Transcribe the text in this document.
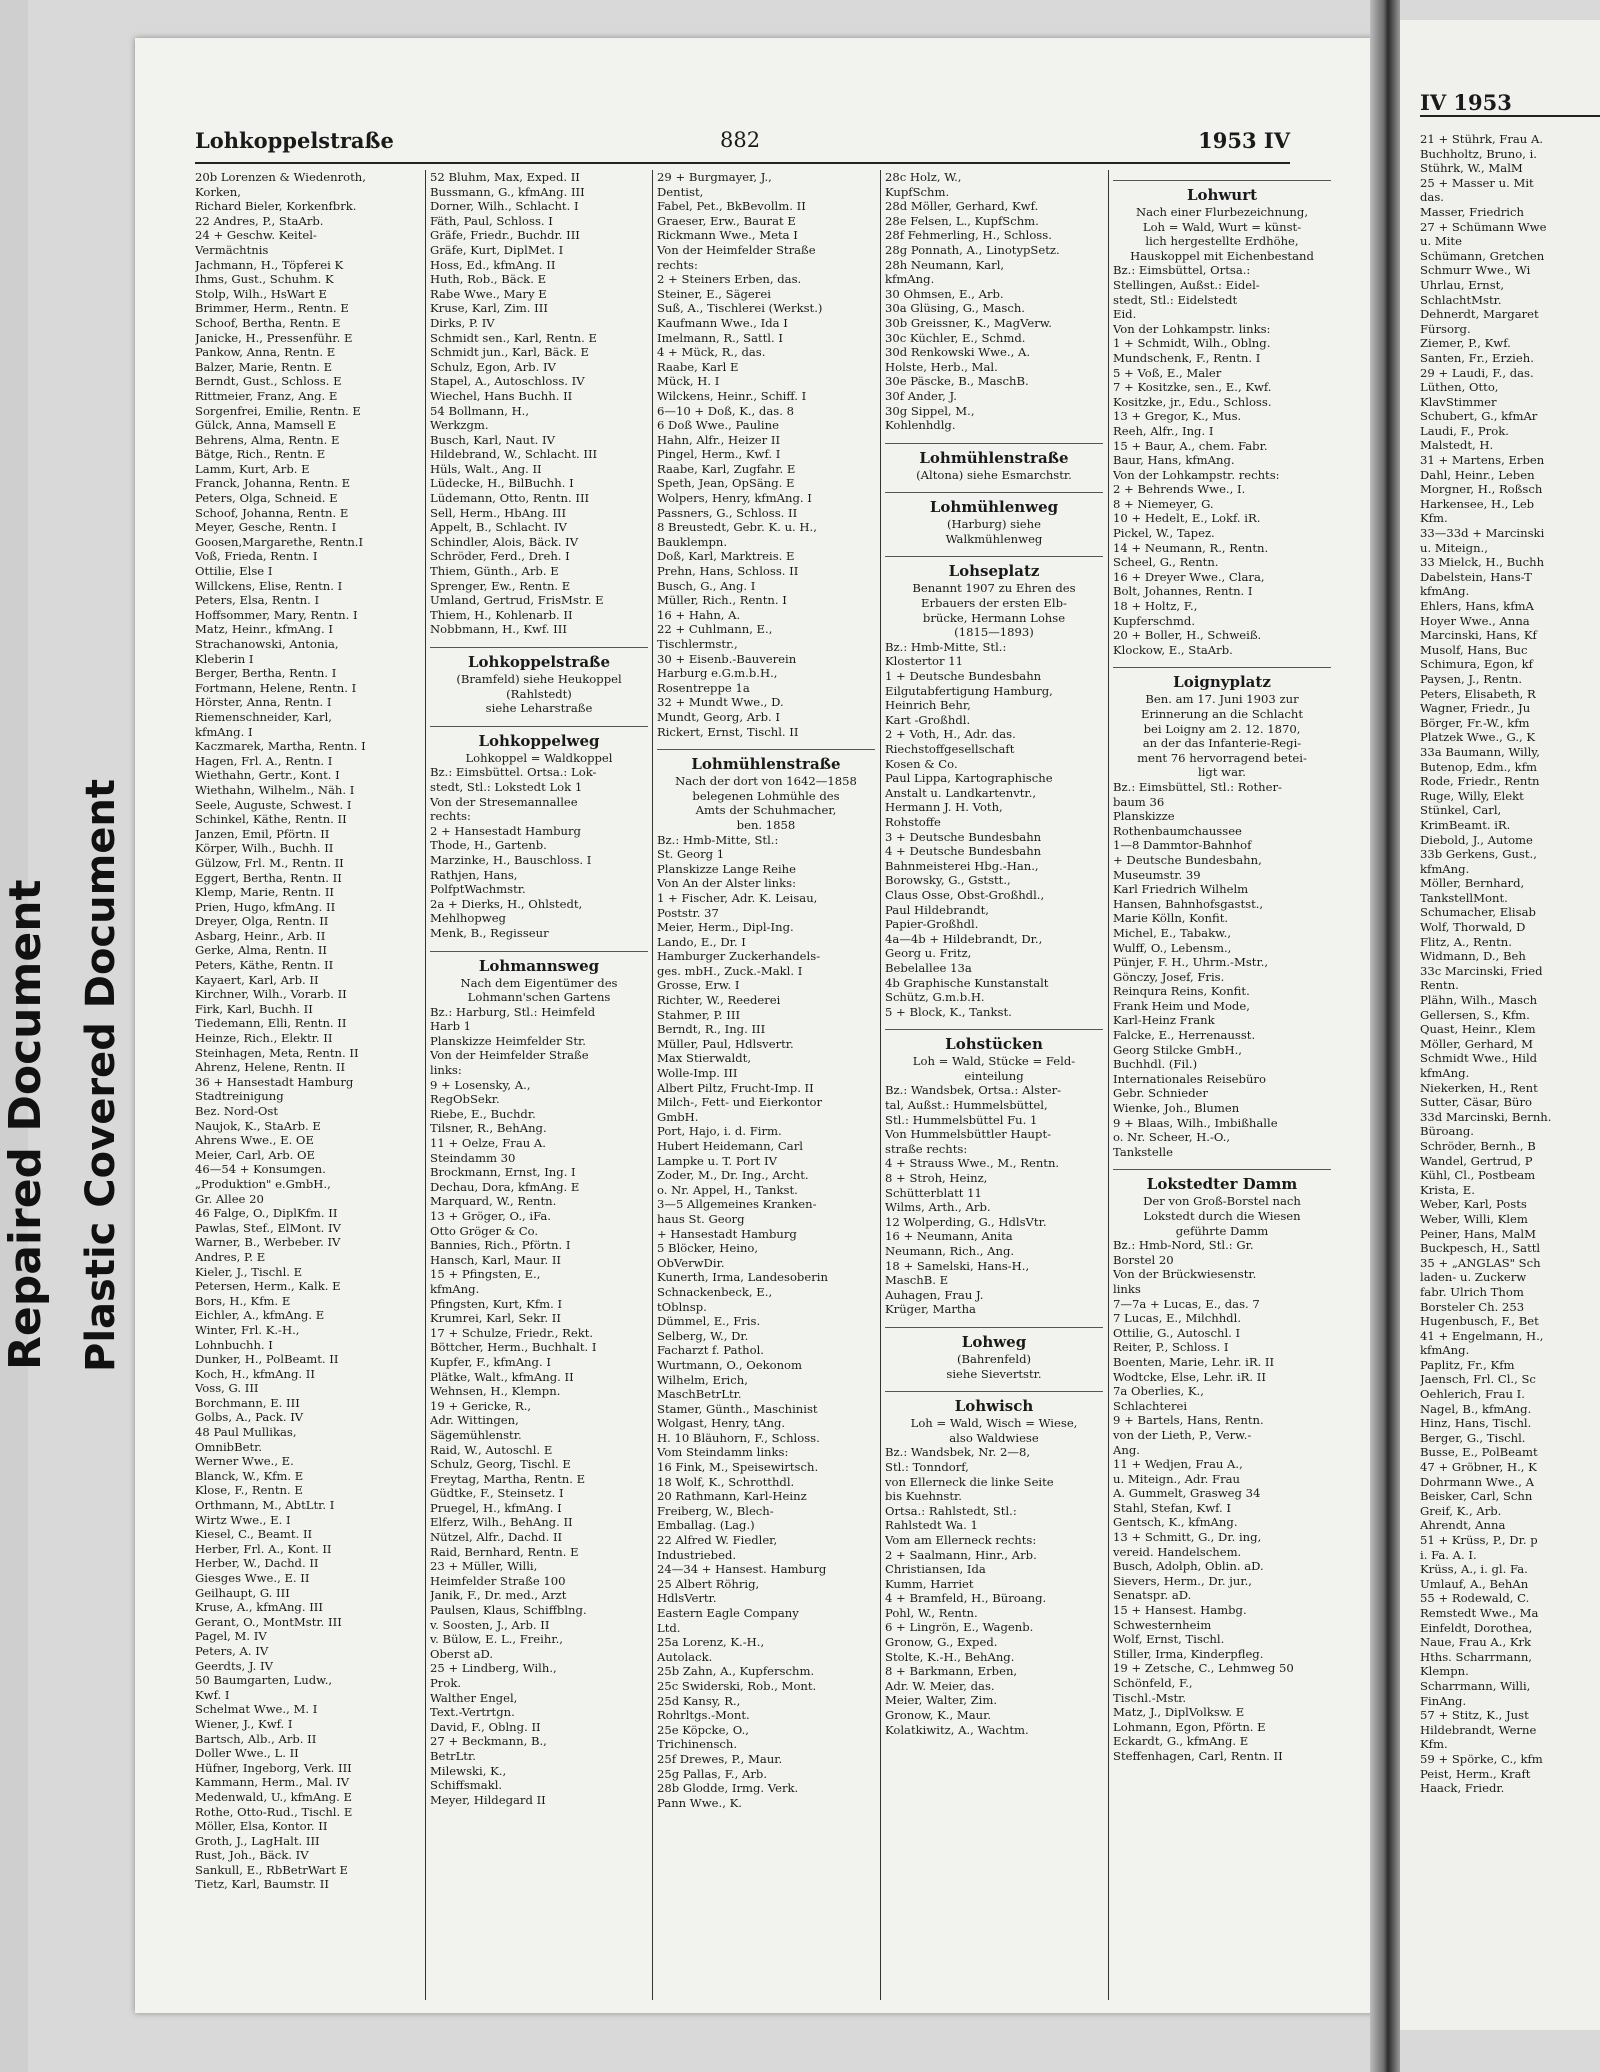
Repaired Document Plastic Covered Document
Lohkoppelstraße	882	1953 IV
20b Lorenzen & Wiedenroth,
Korken,
Richard Bieler, Korkenfbrk.
22 Andres, P., StaArb.
24 + Geschw. Keitel-
Vermächtnis
Jachmann, H., Töpferei K
Ihms, Gust., Schuhm. K
Stolp, Wilh., HsWart E
Brimmer, Herm., Rentn. E
Schoof, Bertha, Rentn. E
Janicke, H., Pressenführ. E
Pankow, Anna, Rentn. E
Balzer, Marie, Rentn. E
Berndt, Gust., Schloss. E
Rittmeier, Franz, Ang. E
Sorgenfrei, Emilie, Rentn. E
Gülck, Anna, Mamsell E
Behrens, Alma, Rentn. E
Bätge, Rich., Rentn. E
Lamm, Kurt, Arb. E
Franck, Johanna, Rentn. E
Peters, Olga, Schneid. E
Schoof, Johanna, Rentn. E
Meyer, Gesche, Rentn. I
Goosen,Margarethe, Rentn.I
Voß, Frieda, Rentn. I
Ottilie, Else I
Willckens, Elise, Rentn. I
Peters, Elsa, Rentn. I
Hoffsommer, Mary, Rentn. I
Matz, Heinr., kfmAng. I
Strachanowski, Antonia,
Kleberin I
Berger, Bertha, Rentn. I
Fortmann, Helene, Rentn. I
Hörster, Anna, Rentn. I
Riemenschneider, Karl,
kfmAng. I
Kaczmarek, Martha, Rentn. I
Hagen, Frl. A., Rentn. I
Wiethahn, Gertr., Kont. I
Wiethahn, Wilhelm., Näh. I
Seele, Auguste, Schwest. I
Schinkel, Käthe, Rentn. II
Janzen, Emil, Pförtn. II
Körper, Wilh., Buchh. II
Gülzow, Frl. M., Rentn. II
Eggert, Bertha, Rentn. II
Klemp, Marie, Rentn. II
Prien, Hugo, kfmAng. II
Dreyer, Olga, Rentn. II
Asbarg, Heinr., Arb. II
Gerke, Alma, Rentn. II
Peters, Käthe, Rentn. II
Kayaert, Karl, Arb. II
Kirchner, Wilh., Vorarb. II
Firk, Karl, Buchh. II
Tiedemann, Elli, Rentn. II
Heinze, Rich., Elektr. II
Steinhagen, Meta, Rentn. II
Ahrenz, Helene, Rentn. II
36 + Hansestadt Hamburg
Stadtreinigung
Bez. Nord-Ost
Naujok, K., StaArb. E
Ahrens Wwe., E. OE
Meier, Carl, Arb. OE
46—54 + Konsumgen.
„Produktion" e.GmbH.,
Gr. Allee 20
46 Falge, O., DiplKfm. II
Pawlas, Stef., ElMont. IV
Warner, B., Werbeber. IV
Andres, P. E
Kieler, J., Tischl. E
Petersen, Herm., Kalk. E
Bors, H., Kfm. E
Eichler, A., kfmAng. E
Winter, Frl. K.-H.,
Lohnbuchh. I
Dunker, H., PolBeamt. II
Koch, H., kfmAng. II
Voss, G. III
Borchmann, E. III
Golbs, A., Pack. IV
48 Paul Mullikas,
OmnibBetr.
Werner Wwe., E.
Blanck, W., Kfm. E
Klose, F., Rentn. E
Orthmann, M., AbtLtr. I
Wirtz Wwe., E. I
Kiesel, C., Beamt. II
Herber, Frl. A., Kont. II
Herber, W., Dachd. II
Giesges Wwe., E. II
Geilhaupt, G. III
Kruse, A., kfmAng. III
Gerant, O., MontMstr. III
Pagel, M. IV
Peters, A. IV
Geerdts, J. IV
50 Baumgarten, Ludw.,
Kwf. I
Schelmat Wwe., M. I
Wiener, J., Kwf. I
Bartsch, Alb., Arb. II
Doller Wwe., L. II
Hüfner, Ingeborg, Verk. III
Kammann, Herm., Mal. IV
Medenwald, U., kfmAng. E
Rothe, Otto-Rud., Tischl. E
Möller, Elsa, Kontor. II
Groth, J., LagHalt. III
Rust, Joh., Bäck. IV
Sankull, E., RbBetrWart E
Tietz, Karl, Baumstr. II
52 Bluhm, Max, Exped. II
Bussmann, G., kfmAng. III
Dorner, Wilh., Schlacht. I
Fäth, Paul, Schloss. I
Gräfe, Friedr., Buchdr. III
Gräfe, Kurt, DiplMet. I
Hoss, Ed., kfmAng. II
Huth, Rob., Bäck. E
Rabe Wwe., Mary E
Kruse, Karl, Zim. III
Dirks, P. IV
Schmidt sen., Karl, Rentn. E
Schmidt jun., Karl, Bäck. E
Schulz, Egon, Arb. IV
Stapel, A., Autoschloss. IV
Wiechel, Hans Buchh. II
54 Bollmann, H.,
Werkzgm.
Busch, Karl, Naut. IV
Hildebrand, W., Schlacht. III
Hüls, Walt., Ang. II
Lüdecke, H., BilBuchh. I
Lüdemann, Otto, Rentn. III
Sell, Herm., HbAng. III
Appelt, B., Schlacht. IV
Schindler, Alois, Bäck. IV
Schröder, Ferd., Dreh. I
Thiem, Günth., Arb. E
Sprenger, Ew., Rentn. E
Umland, Gertrud, FrisMstr. E
Thiem, H., Kohlenarb. II
Nobbmann, H., Kwf. III
Lohkoppelstraße
(Bramfeld) siehe Heukoppel
(Rahlstedt)
siehe Leharstraße
Lohkoppelweg
Lohkoppel = Waldkoppel
Bz.: Eimsbüttel. Ortsa.: Lok-
stedt, Stl.: Lokstedt Lok 1
Von der Stresemannallee
rechts:
2 + Hansestadt Hamburg
Thode, H., Gartenb.
Marzinke, H., Bauschloss. I
Rathjen, Hans,
PolfptWachmstr.
2a + Dierks, H., Ohlstedt,
Mehlhopweg
Menk, B., Regisseur
Lohmannsweg
Nach dem Eigentümer des
Lohmann'schen Gartens
Bz.: Harburg, Stl.: Heimfeld
Harb 1
Planskizze Heimfelder Str.
Von der Heimfelder Straße
links:
9 + Losensky, A.,
RegObSekr.
Riebe, E., Buchdr.
Tilsner, R., BehAng.
11 + Oelze, Frau A.
Steindamm 30
Brockmann, Ernst, Ing. I
Dechau, Dora, kfmAng. E
Marquard, W., Rentn.
13 + Gröger, O., iFa.
Otto Gröger & Co.
Bannies, Rich., Pförtn. I
Hansch, Karl, Maur. II
15 + Pfingsten, E.,
kfmAng.
Pfingsten, Kurt, Kfm. I
Krumrei, Karl, Sekr. II
17 + Schulze, Friedr., Rekt.
Böttcher, Herm., Buchhalt. I
Kupfer, F., kfmAng. I
Plätke, Walt., kfmAng. II
Wehnsen, H., Klempn.
19 + Gericke, R.,
Adr. Wittingen,
Sägemühlenstr.
Raid, W., Autoschl. E
Schulz, Georg, Tischl. E
Freytag, Martha, Rentn. E
Güdtke, F., Steinsetz. I
Pruegel, H., kfmAng. I
Elferz, Wilh., BehAng. II
Nützel, Alfr., Dachd. II
Raid, Bernhard, Rentn. E
23 + Müller, Willi,
Heimfelder Straße 100
Janik, F., Dr. med., Arzt
Paulsen, Klaus, Schiffblng.
v. Soosten, J., Arb. II
v. Bülow, E. L., Freihr.,
Oberst aD.
25 + Lindberg, Wilh.,
Prok.
Walther Engel,
Text.-Vertrtgn.
David, F., Oblng. II
27 + Beckmann, B.,
BetrLtr.
Milewski, K.,
Schiffsmakl.
Meyer, Hildegard II
29 + Burgmayer, J.,
Dentist,
Fabel, Pet., BkBevollm. II
Graeser, Erw., Baurat E
Rickmann Wwe., Meta I
Von der Heimfelder Straße
rechts:
2 + Steiners Erben, das.
Steiner, E., Sägerei
Suß, A., Tischlerei (Werkst.)
Kaufmann Wwe., Ida I
Imelmann, R., Sattl. I
4 + Mück, R., das.
Raabe, Karl E
Mück, H. I
Wilckens, Heinr., Schiff. I
6—10 + Doß, K., das. 8
6 Doß Wwe., Pauline
Hahn, Alfr., Heizer II
Pingel, Herm., Kwf. I
Raabe, Karl, Zugfahr. E
Speth, Jean, OpSäng. E
Wolpers, Henry, kfmAng. I
Passners, G., Schloss. II
8 Breustedt, Gebr. K. u. H.,
Bauklempn.
Doß, Karl, Marktreis. E
Prehn, Hans, Schloss. II
Busch, G., Ang. I
Müller, Rich., Rentn. I
16 + Hahn, A.
22 + Cuhlmann, E.,
Tischlermstr.,
30 + Eisenb.-Bauverein
Harburg e.G.m.b.H.,
Rosentreppe 1a
32 + Mundt Wwe., D.
Mundt, Georg, Arb. I
Rickert, Ernst, Tischl. II
Lohmühlenstraße
Nach der dort von 1642—1858
belegenen Lohmühle des
Amts der Schuhmacher,
ben. 1858
Bz.: Hmb-Mitte, Stl.:
St. Georg 1
Planskizze Lange Reihe
Von An der Alster links:
1 + Fischer, Adr. K. Leisau,
Poststr. 37
Meier, Herm., Dipl-Ing.
Lando, E., Dr. I
Hamburger Zuckerhandels-
ges. mbH., Zuck.-Makl. I
Grosse, Erw. I
Richter, W., Reederei
Stahmer, P. III
Berndt, R., Ing. III
Müller, Paul, Hdlsvertr.
Max Stierwaldt,
Wolle-Imp. III
Albert Piltz, Frucht-Imp. II
Milch-, Fett- und Eierkontor
GmbH.
Port, Hajo, i. d. Firm.
Hubert Heidemann, Carl
Lampke u. T. Port IV
Zoder, M., Dr. Ing., Archt.
o. Nr. Appel, H., Tankst.
3—5 Allgemeines Kranken-
haus St. Georg
+ Hansestadt Hamburg
5 Blöcker, Heino,
ObVerwDir.
Kunerth, Irma, Landesoberin
Schnackenbeck, E.,
tOblnsp.
Dümmel, E., Fris.
Selberg, W., Dr.
Facharzt f. Pathol.
Wurtmann, O., Oekonom
Wilhelm, Erich,
MaschBetrLtr.
Stamer, Günth., Maschinist
Wolgast, Henry, tAng.
H. 10 Bläuhorn, F., Schloss.
Vom Steindamm links:
16 Fink, M., Speisewirtsch.
18 Wolf, K., Schrotthdl.
20 Rathmann, Karl-Heinz
Freiberg, W., Blech-
Emballag. (Lag.)
22 Alfred W. Fiedler,
Industriebed.
24—34 + Hansest. Hamburg
25 Albert Röhrig,
HdlsVertr.
Eastern Eagle Company
Ltd.
25a Lorenz, K.-H.,
Autolack.
25b Zahn, A., Kupferschm.
25c Swiderski, Rob., Mont.
25d Kansy, R.,
Rohrltgs.-Mont.
25e Köpcke, O.,
Trichinensch.
25f Drewes, P., Maur.
25g Pallas, F., Arb.
28b Glodde, Irmg. Verk.
Pann Wwe., K.
28c Holz, W.,
KupfSchm.
28d Möller, Gerhard, Kwf.
28e Felsen, L., KupfSchm.
28f Fehmerling, H., Schloss.
28g Ponnath, A., LinotypSetz.
28h Neumann, Karl,
kfmAng.
30 Ohmsen, E., Arb.
30a Glüsing, G., Masch.
30b Greissner, K., MagVerw.
30c Küchler, E., Schmd.
30d Renkowski Wwe., A.
Holste, Herb., Mal.
30e Päscke, B., MaschB.
30f Ander, J.
30g Sippel, M.,
Kohlenhdlg.
Lohmühlenstraße
(Altona) siehe Esmarchstr.
Lohmühlenweg
(Harburg) siehe
Walkmühlenweg
Lohseplatz
Benannt 1907 zu Ehren des
Erbauers der ersten Elb-
brücke, Hermann Lohse
(1815—1893)
Bz.: Hmb-Mitte, Stl.:
Klostertor 11
1 + Deutsche Bundesbahn
Eilgutabfertigung Hamburg,
Heinrich Behr,
Kart -Großhdl.
2 + Voth, H., Adr. das.
Riechstoffgesellschaft
Kosen & Co.
Paul Lippa, Kartographische
Anstalt u. Landkartenvtr.,
Hermann J. H. Voth,
Rohstoffe
3 + Deutsche Bundesbahn
4 + Deutsche Bundesbahn
Bahnmeisterei Hbg.-Han.,
Borowsky, G., Gststt.,
Claus Osse, Obst-Großhdl.,
Paul Hildebrandt,
Papier-Großhdl.
4a—4b + Hildebrandt, Dr.,
Georg u. Fritz,
Bebelallee 13a
4b Graphische Kunstanstalt
Schütz, G.m.b.H.
5 + Block, K., Tankst.
Lohstücken
Loh = Wald, Stücke = Feld-
einteilung
Bz.: Wandsbek, Ortsa.: Alster-
tal, Außst.: Hummelsbüttel,
Stl.: Hummelsbüttel Fu. 1
Von Hummelsbüttler Haupt-
straße rechts:
4 + Strauss Wwe., M., Rentn.
8 + Stroh, Heinz,
Schütterblatt 11
Wilms, Arth., Arb.
12 Wolperding, G., HdlsVtr.
16 + Neumann, Anita
Neumann, Rich., Ang.
18 + Samelski, Hans-H.,
MaschB. E
Auhagen, Frau J.
Krüger, Martha
Lohweg
(Bahrenfeld)
siehe Sievertstr.
Lohwisch
Loh = Wald, Wisch = Wiese,
also Waldwiese
Bz.: Wandsbek, Nr. 2—8,
Stl.: Tonndorf,
von Ellerneck die linke Seite
bis Kuehnstr.
Ortsa.: Rahlstedt, Stl.:
Rahlstedt Wa. 1
Vom am Ellerneck rechts:
2 + Saalmann, Hinr., Arb.
Christiansen, Ida
Kumm, Harriet
4 + Bramfeld, H., Büroang.
Pohl, W., Rentn.
6 + Lingrön, E., Wagenb.
Gronow, G., Exped.
Stolte, K.-H., BehAng.
8 + Barkmann, Erben,
Adr. W. Meier, das.
Meier, Walter, Zim.
Gronow, K., Maur.
Kolatkiwitz, A., Wachtm.
Lohwurt
Nach einer Flurbezeichnung,
Loh = Wald, Wurt = künst-
lich hergestellte Erdhöhe,
Hauskoppel mit Eichenbestand
Bz.: Eimsbüttel, Ortsa.:
Stellingen, Außst.: Eidel-
stedt, Stl.: Eidelstedt
Eid.
Von der Lohkampstr. links:
1 + Schmidt, Wilh., Oblng.
Mundschenk, F., Rentn. I
5 + Voß, E., Maler
7 + Kositzke, sen., E., Kwf.
Kositzke, jr., Edu., Schloss.
13 + Gregor, K., Mus.
Reeh, Alfr., Ing. I
15 + Baur, A., chem. Fabr.
Baur, Hans, kfmAng.
Von der Lohkampstr. rechts:
2 + Behrends Wwe., I.
8 + Niemeyer, G.
10 + Hedelt, E., Lokf. iR.
Pickel, W., Tapez.
14 + Neumann, R., Rentn.
Scheel, G., Rentn.
16 + Dreyer Wwe., Clara,
Bolt, Johannes, Rentn. I
18 + Holtz, F.,
Kupferschmd.
20 + Boller, H., Schweiß.
Klockow, E., StaArb.
Loignyplatz
Ben. am 17. Juni 1903 zur
Erinnerung an die Schlacht
bei Loigny am 2. 12. 1870,
an der das Infanterie-Regi-
ment 76 hervorragend betei-
ligt war.
Bz.: Eimsbüttel, Stl.: Rother-
baum 36
Planskizze
Rothenbaumchaussee
1—8 Dammtor-Bahnhof
+ Deutsche Bundesbahn,
Museumstr. 39
Karl Friedrich Wilhelm
Hansen, Bahnhofsgastst.,
Marie Kölln, Konfit.
Michel, E., Tabakw.,
Wulff, O., Lebensm.,
Pünjer, F. H., Uhrm.-Mstr.,
Gönczy, Josef, Fris.
Reinqura Reins, Konfit.
Frank Heim und Mode,
Karl-Heinz Frank
Falcke, E., Herrenausst.
Georg Stilcke GmbH.,
Buchhdl. (Fil.)
Internationales Reisebüro
Gebr. Schnieder
Wienke, Joh., Blumen
9 + Blaas, Wilh., Imbißhalle
o. Nr. Scheer, H.-O.,
Tankstelle
Lokstedter Damm
Der von Groß-Borstel nach
Lokstedt durch die Wiesen
geführte Damm
Bz.: Hmb-Nord, Stl.: Gr.
Borstel 20
Von der Brückwiesenstr.
links
7—7a + Lucas, E., das. 7
7 Lucas, E., Milchhdl.
Ottilie, G., Autoschl. I
Reiter, P., Schloss. I
Boenten, Marie, Lehr. iR. II
Wodtcke, Else, Lehr. iR. II
7a Oberlies, K.,
Schlachterei
9 + Bartels, Hans, Rentn.
von der Lieth, P., Verw.-
Ang.
11 + Wedjen, Frau A.,
u. Miteign., Adr. Frau
A. Gummelt, Grasweg 34
Stahl, Stefan, Kwf. I
Gentsch, K., kfmAng.
13 + Schmitt, G., Dr. ing,
vereid. Handelschem.
Busch, Adolph, Oblin. aD.
Sievers, Herm., Dr. jur.,
Senatspr. aD.
15 + Hansest. Hambg.
Schwesternheim
Wolf, Ernst, Tischl.
Stiller, Irma, Kinderpfleg.
19 + Zetsche, C., Lehmweg 50
Schönfeld, F.,
Tischl.-Mstr.
Matz, J., DiplVolksw. E
Lohmann, Egon, Pförtn. E
Eckardt, G., kfmAng. E
Steffenhagen, Carl, Rentn. II
IV 1953
21 + Stührk, Frau A.
Buchholtz, Bruno, i.
Stührk, W., MalM
25 + Masser u. Mit
das.
Masser, Friedrich
27 + Schümann Wwe
u. Mite
Schümann, Gretchen
Schmurr Wwe., Wi
Uhrlau, Ernst,
SchlachtMstr.
Dehnerdt, Margaret
Fürsorg.
Ziemer, P., Kwf.
Santen, Fr., Erzieh.
29 + Laudi, F., das.
Lüthen, Otto,
KlavStimmer
Schubert, G., kfmAr
Laudi, F., Prok.
Malstedt, H.
31 + Martens, Erben
Dahl, Heinr., Leben
Morgner, H., Roßsch
Harkensee, H., Leb
Kfm.
33—33d + Marcinski
u. Miteign.,
33 Mielck, H., Buchh
Dabelstein, Hans-T
kfmAng.
Ehlers, Hans, kfmA
Hoyer Wwe., Anna
Marcinski, Hans, Kf
Musolf, Hans, Buc
Schimura, Egon, kf
Paysen, J., Rentn.
Peters, Elisabeth, R
Wagner, Friedr., Ju
Börger, Fr.-W., kfm
Platzek Wwe., G., K
33a Baumann, Willy,
Butenop, Edm., kfm
Rode, Friedr., Rentn
Ruge, Willy, Elekt
Stünkel, Carl,
KrimBeamt. iR.
Diebold, J., Autome
33b Gerkens, Gust.,
kfmAng.
Möller, Bernhard,
TankstellMont.
Schumacher, Elisab
Wolf, Thorwald, D
Flitz, A., Rentn.
Widmann, D., Beh
33c Marcinski, Fried
Rentn.
Plähn, Wilh., Masch
Gellersen, S., Kfm.
Quast, Heinr., Klem
Möller, Gerhard, M
Schmidt Wwe., Hild
kfmAng.
Niekerken, H., Rent
Sutter, Cäsar, Büro
33d Marcinski, Bernh.
Büroang.
Schröder, Bernh., B
Wandel, Gertrud, P
Kühl, Cl., Postbeam
Krista, E.
Weber, Karl, Posts
Weber, Willi, Klem
Peiner, Hans, MalM
Buckpesch, H., Sattl
35 + „ANGLAS" Sch
laden- u. Zuckerw
fabr. Ulrich Thom
Borsteler Ch. 253
Hugenbusch, F., Bet
41 + Engelmann, H.,
kfmAng.
Paplitz, Fr., Kfm
Jaensch, Frl. Cl., Sc
Oehlerich, Frau I.
Nagel, B., kfmAng.
Hinz, Hans, Tischl.
Berger, G., Tischl.
Busse, E., PolBeamt
47 + Gröbner, H., K
Dohrmann Wwe., A
Beisker, Carl, Schn
Greif, K., Arb.
Ahrendt, Anna
51 + Krüss, P., Dr. p
i. Fa. A. I.
Krüss, A., i. gl. Fa.
Umlauf, A., BehAn
55 + Rodewald, C.
Remstedt Wwe., Ma
Einfeldt, Dorothea,
Naue, Frau A., Krk
Hths. Scharrmann,
Klempn.
Scharrmann, Willi,
FinAng.
57 + Stitz, K., Just
Hildebrandt, Werne
Kfm.
59 + Spörke, C., kfm
Peist, Herm., Kraft
Haack, Friedr.
